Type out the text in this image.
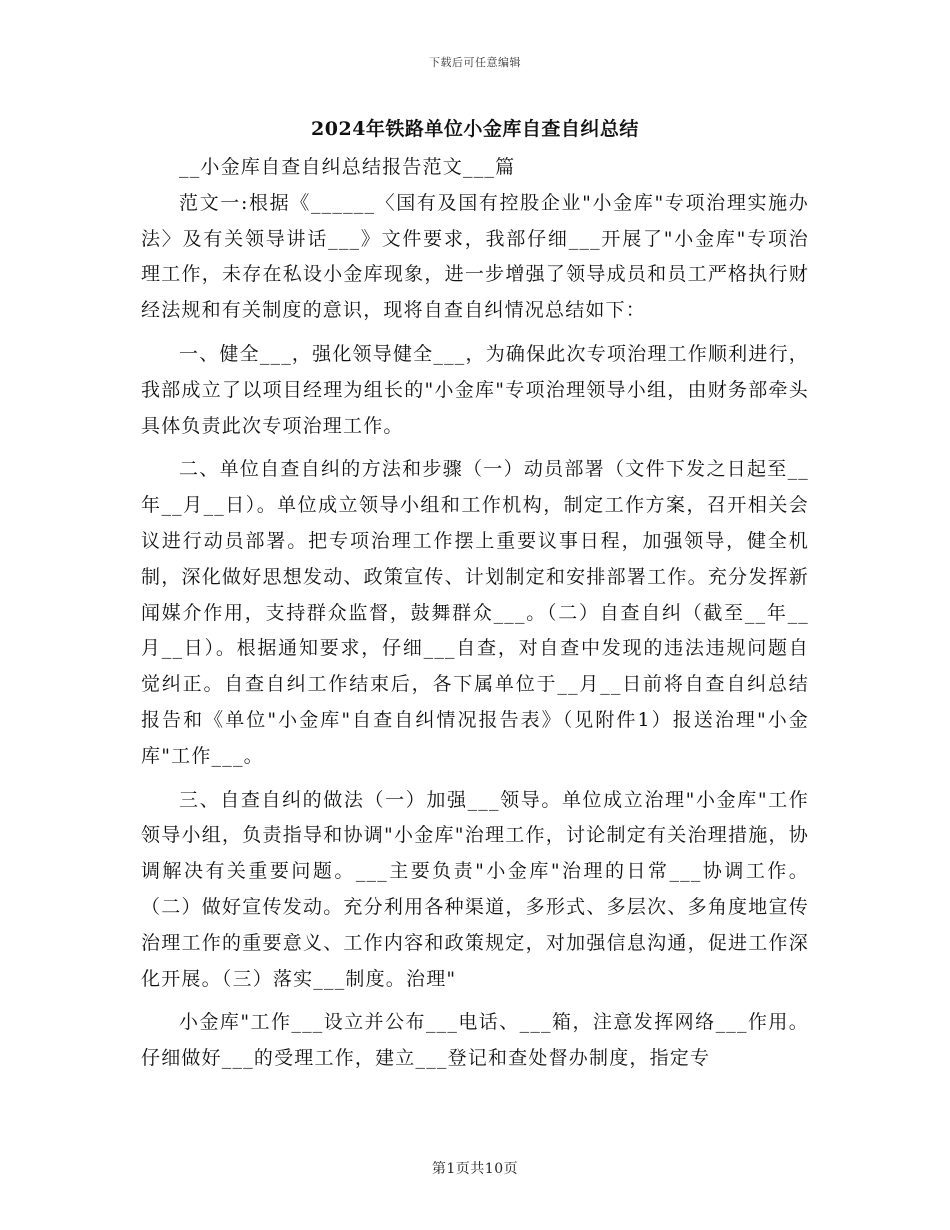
下载后可任意编辑
2024年铁路单位小金库自查自纠总结

__小金库自查自纠总结报告范文___篇

范文一:根据《______〈国有及国有控股企业"小金库"专项治理实施办法〉及有关领导讲话___》文件要求，我部仔细___开展了"小金库"专项治理工作，未存在私设小金库现象，进一步增强了领导成员和员工严格执行财经法规和有关制度的意识，现将自查自纠情况总结如下：

一、健全___，强化领导健全___，为确保此次专项治理工作顺利进行，我部成立了以项目经理为组长的"小金库"专项治理领导小组，由财务部牵头具体负责此次专项治理工作。

二、单位自查自纠的方法和步骤（一）动员部署（文件下发之日起至__年__月__日）。单位成立领导小组和工作机构，制定工作方案，召开相关会议进行动员部署。把专项治理工作摆上重要议事日程，加强领导，健全机制，深化做好思想发动、政策宣传、计划制定和安排部署工作。充分发挥新闻媒介作用，支持群众监督，鼓舞群众___。（二）自查自纠（截至__年__月__日）。根据通知要求，仔细___自查，对自查中发现的违法违规问题自觉纠正。自查自纠工作结束后，各下属单位于__月__日前将自查自纠总结报告和《单位"小金库"自查自纠情况报告表》（见附件1）报送治理"小金库"工作___。

三、自查自纠的做法（一）加强___领导。单位成立治理"小金库"工作领导小组，负责指导和协调"小金库"治理工作，讨论制定有关治理措施，协调解决有关重要问题。___主要负责"小金库"治理的日常___协调工作。（二）做好宣传发动。充分利用各种渠道，多形式、多层次、多角度地宣传治理工作的重要意义、工作内容和政策规定，对加强信息沟通，促进工作深化开展。（三）落实___制度。治理"

小金库"工作___设立并公布___电话、___箱，注意发挥网络___作用。仔细做好___的受理工作，建立___登记和查处督办制度，指定专

第1页共10页
